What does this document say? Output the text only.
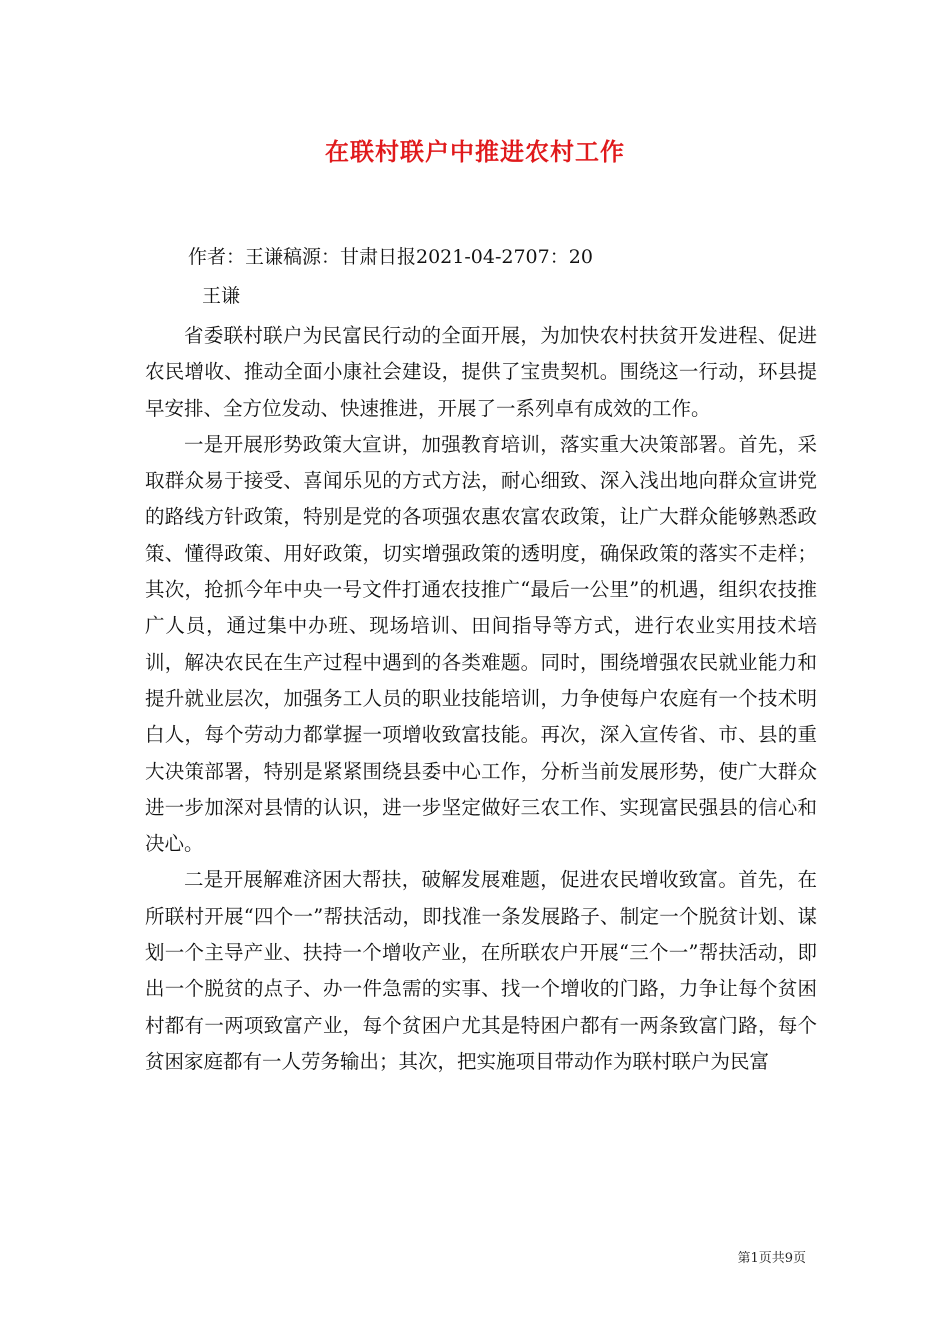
在联村联户中推进农村工作
作者：王谦稿源：甘肃日报2021-04-2707：20
王谦

省委联村联户为民富民行动的全面开展，为加快农村扶贫开发进程、促进农民增收、推动全面小康社会建设，提供了宝贵契机。围绕这一行动，环县提早安排、全方位发动、快速推进，开展了一系列卓有成效的工作。

一是开展形势政策大宣讲，加强教育培训，落实重大决策部署。首先，采取群众易于接受、喜闻乐见的方式方法，耐心细致、深入浅出地向群众宣讲党的路线方针政策，特别是党的各项强农惠农富农政策，让广大群众能够熟悉政策、懂得政策、用好政策，切实增强政策的透明度，确保政策的落实不走样；其次，抢抓今年中央一号文件打通农技推广“最后一公里”的机遇，组织农技推广人员，通过集中办班、现场培训、田间指导等方式，进行农业实用技术培训，解决农民在生产过程中遇到的各类难题。同时，围绕增强农民就业能力和提升就业层次，加强务工人员的职业技能培训，力争使每户农庭有一个技术明白人，每个劳动力都掌握一项增收致富技能。再次，深入宣传省、市、县的重大决策部署，特别是紧紧围绕县委中心工作，分析当前发展形势，使广大群众进一步加深对县情的认识，进一步坚定做好三农工作、实现富民强县的信心和决心。

二是开展解难济困大帮扶，破解发展难题，促进农民增收致富。首先，在所联村开展“四个一”帮扶活动，即找准一条发展路子、制定一个脱贫计划、谋划一个主导产业、扶持一个增收产业，在所联农户开展“三个一”帮扶活动，即出一个脱贫的点子、办一件急需的实事、找一个增收的门路，力争让每个贫困村都有一两项致富产业，每个贫困户尤其是特困户都有一两条致富门路，每个贫困家庭都有一人劳务输出；其次，把实施项目带动作为联村联户为民富

第1页共9页
